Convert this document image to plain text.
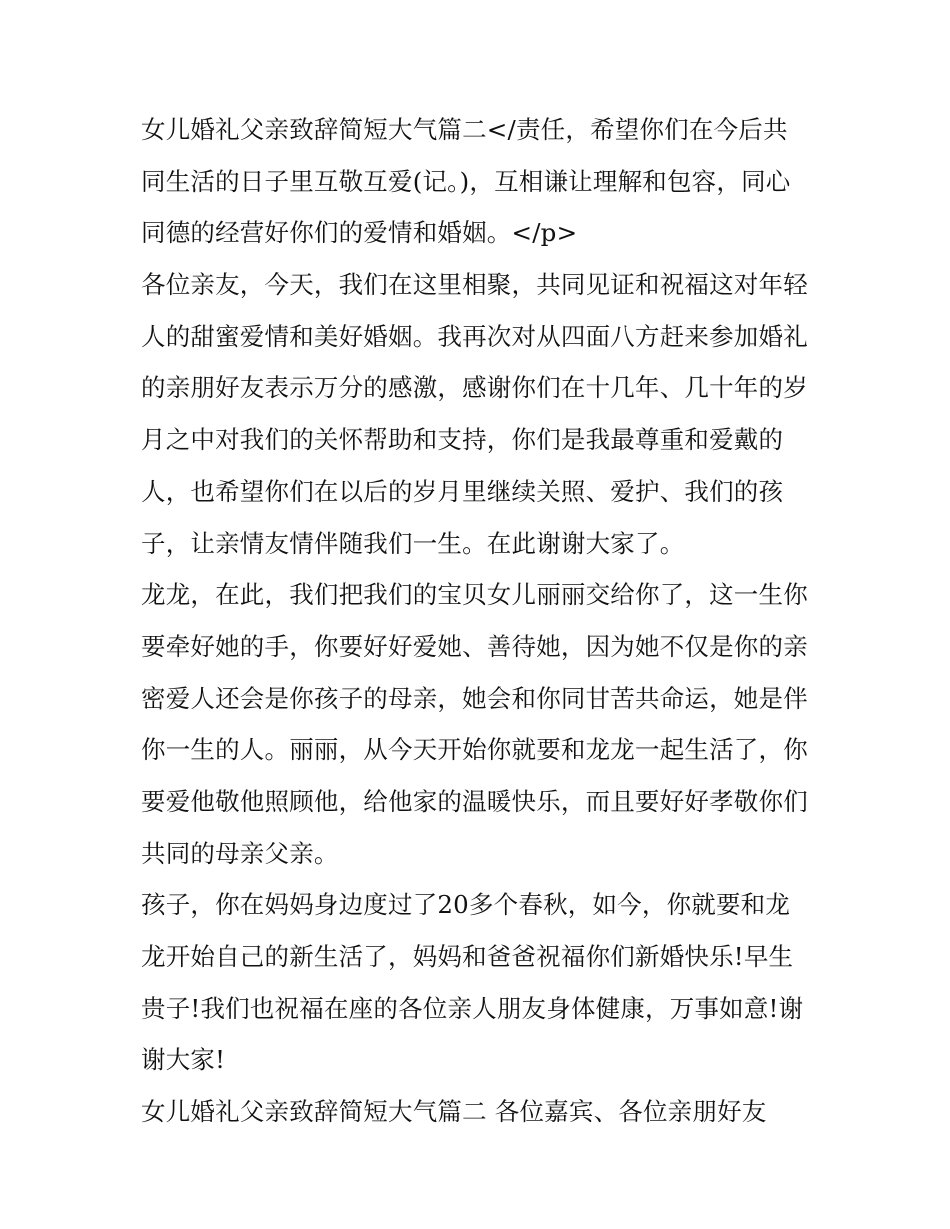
女儿婚礼父亲致辞简短大气篇二</责任，希望你们在今后共
同生活的日子里互敬互爱(记。)，互相谦让理解和包容，同心
同德的经营好你们的爱情和婚姻。</p>
各位亲友，今天，我们在这里相聚，共同见证和祝福这对年轻
人的甜蜜爱情和美好婚姻。我再次对从四面八方赶来参加婚礼
的亲朋好友表示万分的感激，感谢你们在十几年、几十年的岁
月之中对我们的关怀帮助和支持，你们是我最尊重和爱戴的
人，也希望你们在以后的岁月里继续关照、爱护、我们的孩
子，让亲情友情伴随我们一生。在此谢谢大家了。
龙龙，在此，我们把我们的宝贝女儿丽丽交给你了，这一生你
要牵好她的手，你要好好爱她、善待她，因为她不仅是你的亲
密爱人还会是你孩子的母亲，她会和你同甘苦共命运，她是伴
你一生的人。丽丽，从今天开始你就要和龙龙一起生活了，你
要爱他敬他照顾他，给他家的温暖快乐，而且要好好孝敬你们
共同的母亲父亲。
孩子，你在妈妈身边度过了20多个春秋，如今，你就要和龙
龙开始自己的新生活了，妈妈和爸爸祝福你们新婚快乐!早生
贵子!我们也祝福在座的各位亲人朋友身体健康，万事如意!谢
谢大家!
女儿婚礼父亲致辞简短大气篇二 各位嘉宾、各位亲朋好友
